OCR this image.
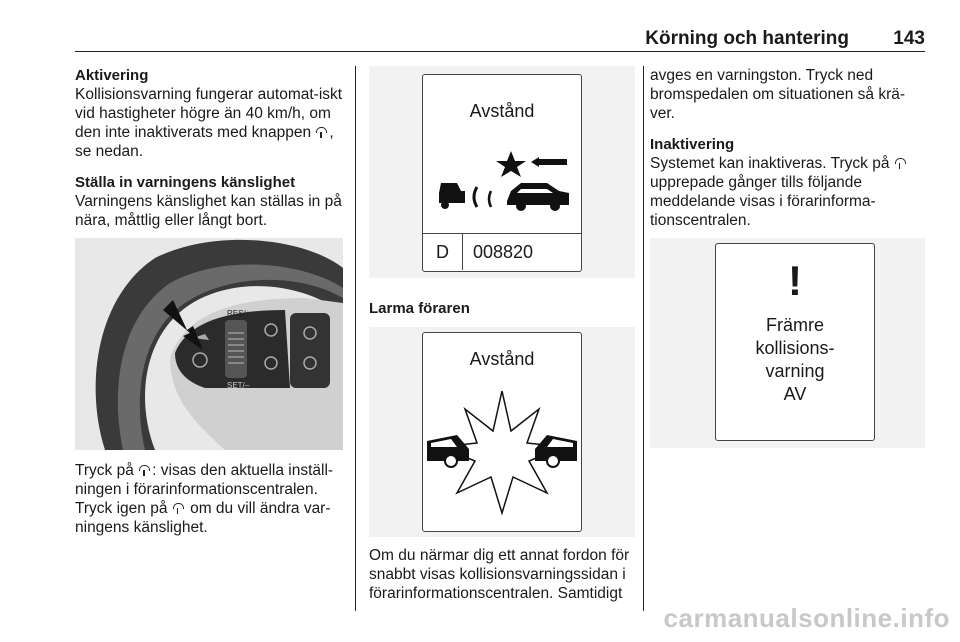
Körning och hantering 143
Aktivering
Kollisionsvarning fungerar automat-iskt vid hastigheter högre än 40 km/h, om den inte inaktiverats med knappen , se nedan.
Ställa in varningens känslighet
Varningens känslighet kan ställas in på nära, måttlig eller långt bort.
RES/+
SET/–
Tryck på : visas den aktuella inställ-ningen i förarinformationscentralen. Tryck igen på om du vill ändra var-ningens känslighet.
Avstånd
D	008820
Larma föraren
Avstånd
Om du närmar dig ett annat fordon för snabbt visas kollisionsvarningssidan i förarinformationscentralen. Samtidigt
avges en varningston. Tryck ned bromspedalen om situationen så krä-ver.
Inaktivering
Systemet kan inaktiveras. Tryck på  upprepade gånger tills följande meddelande visas i förarinforma-tionscentralen.
!
Främre
kollisions-
varning
AV
carmanualsonline.info
